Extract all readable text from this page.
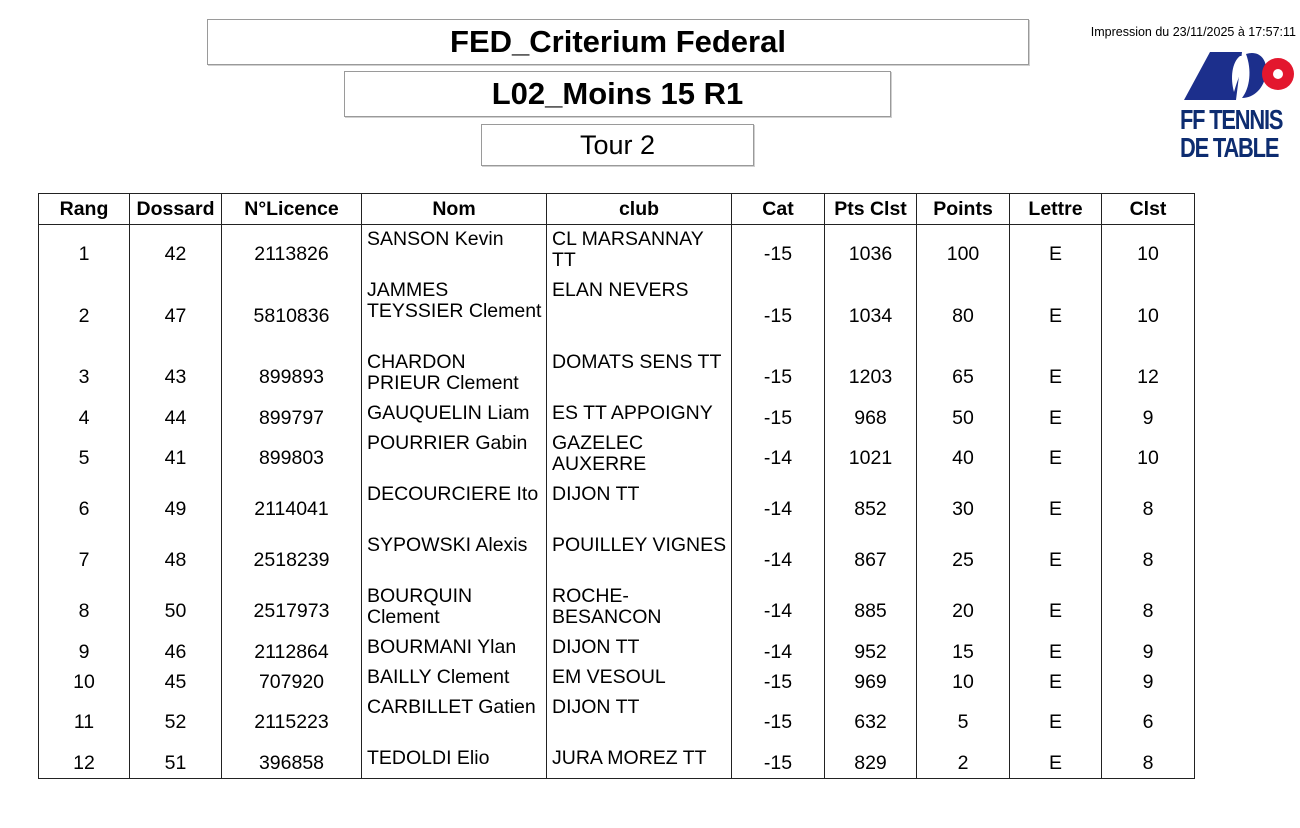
FED_Criterium Federal
L02_Moins 15 R1
Tour 2
Impression du 23/11/2025 à 17:57:11
FF TENNIS
DE TABLE
Rang	Dossard	N°Licence	Nom	club	Cat	Pts Clst	Points	Lettre	Clst
1	42	2113826	SANSON Kevin	CL MARSANNAY TT	-15	1036	100	E	10
2	47	5810836	JAMMES TEYSSIER Clement	ELAN NEVERS	-15	1034	80	E	10
3	43	899893	CHARDON PRIEUR Clement	DOMATS SENS TT	-15	1203	65	E	12
4	44	899797	GAUQUELIN Liam	ES TT APPOIGNY	-15	968	50	E	9
5	41	899803	POURRIER Gabin	GAZELEC AUXERRE	-14	1021	40	E	10
6	49	2114041	DECOURCIERE Ito	DIJON TT	-14	852	30	E	8
7	48	2518239	SYPOWSKI Alexis	POUILLEY VIGNES	-14	867	25	E	8
8	50	2517973	BOURQUIN Clement	ROCHE-BESANCON	-14	885	20	E	8
9	46	2112864	BOURMANI Ylan	DIJON TT	-14	952	15	E	9
10	45	707920	BAILLY Clement	EM VESOUL	-15	969	10	E	9
11	52	2115223	CARBILLET Gatien	DIJON TT	-15	632	5	E	6
12	51	396858	TEDOLDI Elio	JURA MOREZ TT	-15	829	2	E	8
